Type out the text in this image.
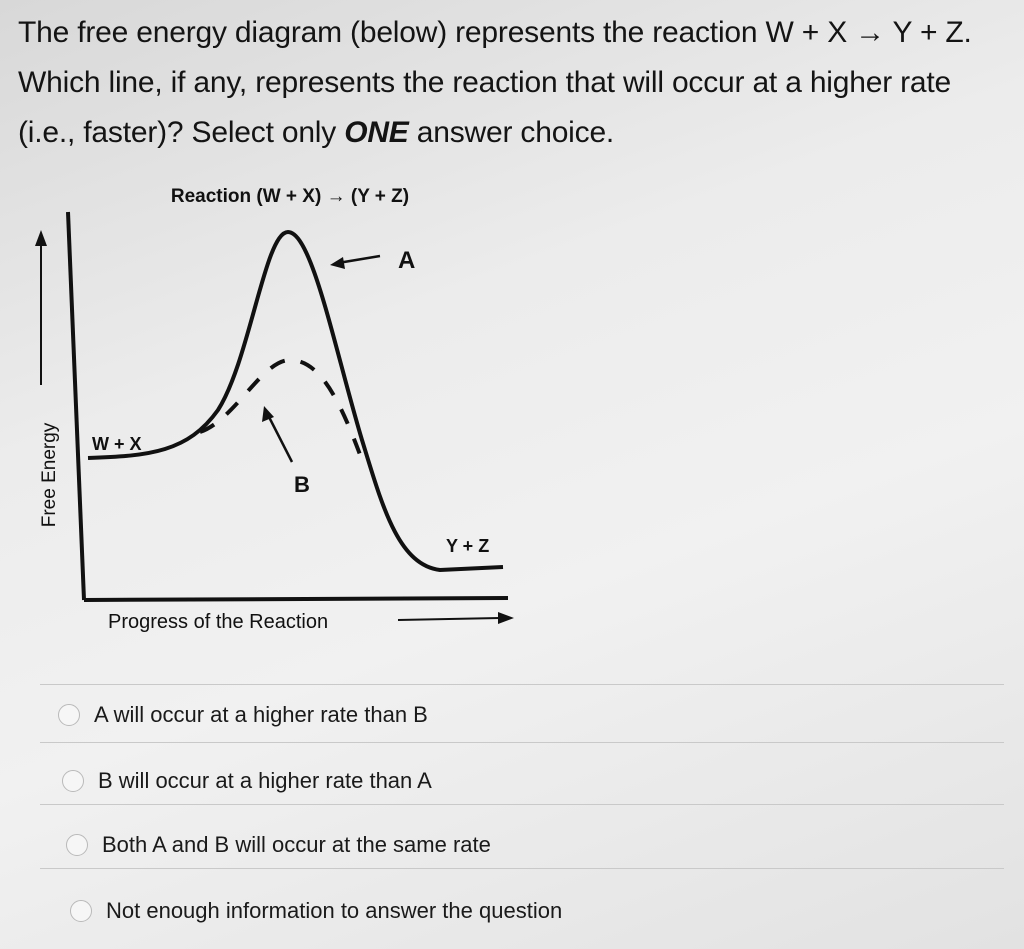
The free energy diagram (below) represents the reaction W + X → Y + Z.
Which line, if any, represents the reaction that will occur at a higher rate
(i.e., faster)? Select only ONE answer choice.
Reaction (W + X) → (Y + Z)
Free Energy
A
B
W + X
Y + Z
Progress of the Reaction
A will occur at a higher rate than B
B will occur at a higher rate than A
Both A and B will occur at the same rate
Not enough information to answer the question
